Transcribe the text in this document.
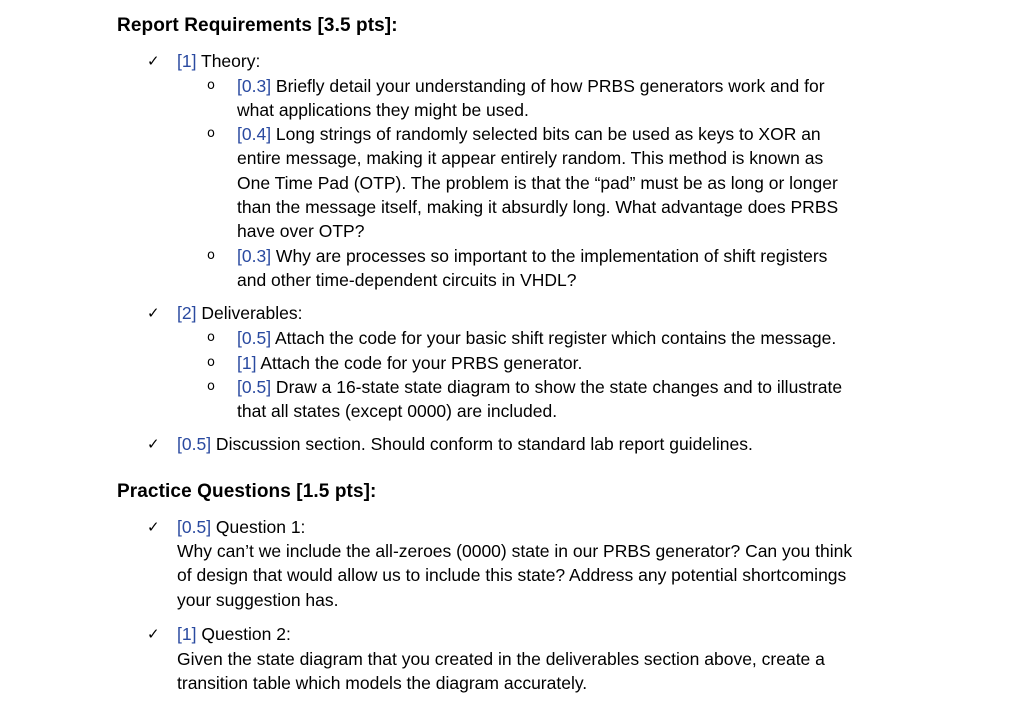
Report Requirements [3.5 pts]:
✓ [1] Theory:
o [0.3] Briefly detail your understanding of how PRBS generators work and for
what applications they might be used.
o [0.4] Long strings of randomly selected bits can be used as keys to XOR an
entire message, making it appear entirely random. This method is known as
One Time Pad (OTP). The problem is that the “pad” must be as long or longer
than the message itself, making it absurdly long. What advantage does PRBS
have over OTP?
o [0.3] Why are processes so important to the implementation of shift registers
and other time-dependent circuits in VHDL?
✓ [2] Deliverables:
o [0.5] Attach the code for your basic shift register which contains the message.
o [1] Attach the code for your PRBS generator.
o [0.5] Draw a 16-state state diagram to show the state changes and to illustrate
that all states (except 0000) are included.
✓ [0.5] Discussion section. Should conform to standard lab report guidelines.
Practice Questions [1.5 pts]:
✓ [0.5] Question 1:
Why can’t we include the all-zeroes (0000) state in our PRBS generator? Can you think
of design that would allow us to include this state? Address any potential shortcomings
your suggestion has.
✓ [1] Question 2:
Given the state diagram that you created in the deliverables section above, create a
transition table which models the diagram accurately.
